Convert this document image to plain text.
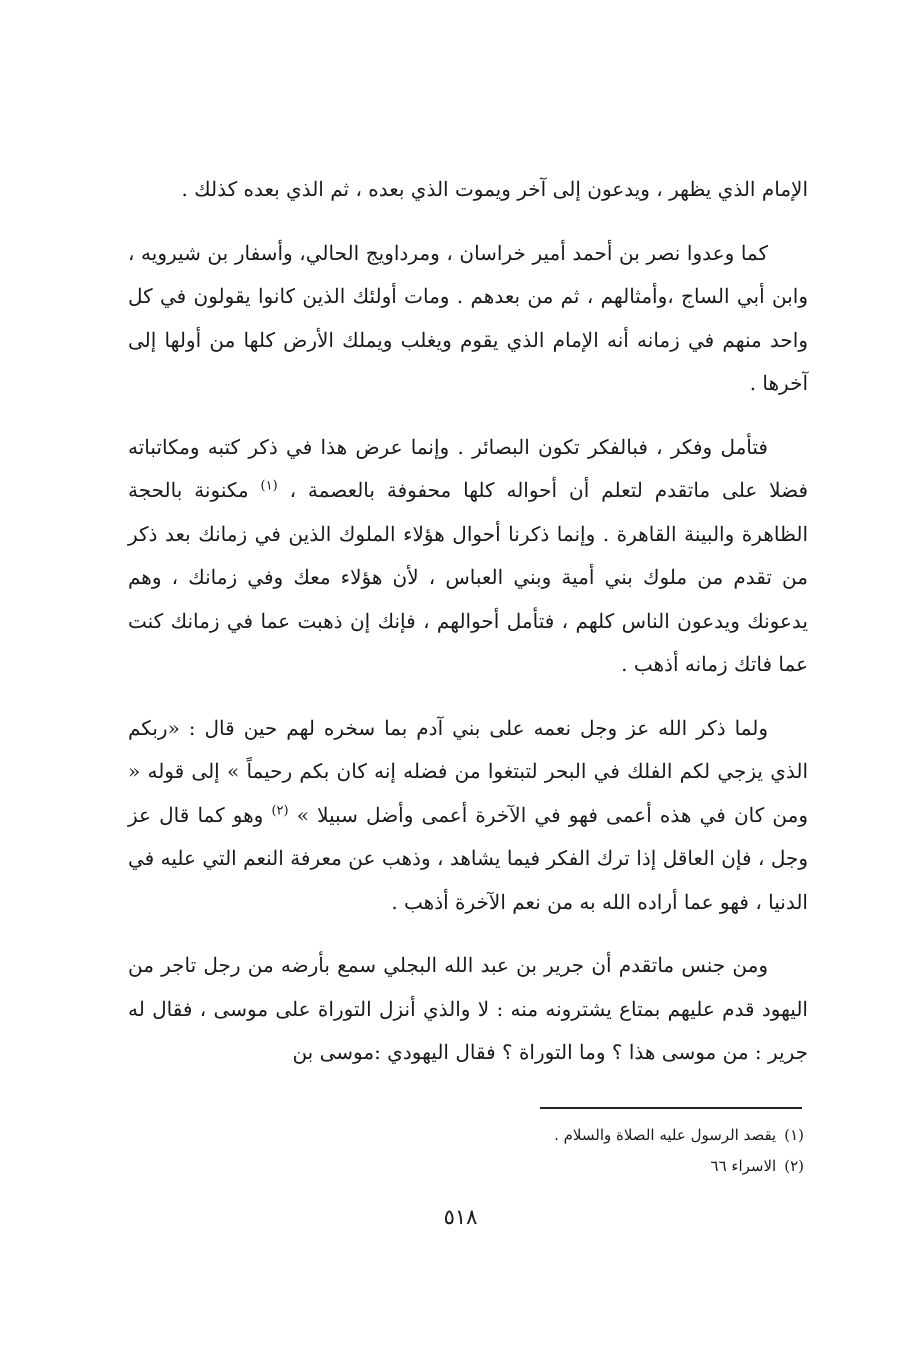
الإمام الذي يظهر ، ويدعون إلى آخر ويموت الذي بعده ، ثم الذي بعده كذلك .

كما وعدوا نصر بن أحمد أمير خراسان ، ومرداويج الحالي، وأسفار بن شيرويه ، وابن أبي الساج ،وأمثالهم ، ثم من بعدهم . ومات أولئك الذين كانوا يقولون في كل واحد منهم في زمانه أنه الإمام الذي يقوم ويغلب ويملك الأرض كلها من أولها إلى آخرها .

فتأمل وفكر ، فبالفكر تكون البصائر . وإنما عرض هذا في ذكر كتبه ومكاتباته فضلا على ماتقدم لتعلم أن أحواله كلها محفوفة بالعصمة ، $^{(١)}$ مكنونة بالحجة الظاهرة والبينة القاهرة . وإنما ذكرنا أحوال هؤلاء الملوك الذين في زمانك بعد ذكر من تقدم من ملوك بني أمية وبني العباس ، لأن هؤلاء معك وفي زمانك ، وهم يدعونك ويدعون الناس كلهم ، فتأمل أحوالهم ، فإنك إن ذهبت عما في زمانك كنت عما فاتك زمانه أذهب .

ولما ذكر الله عز وجل نعمه على بني آدم بما سخره لهم حين قال : «ربكم الذي يزجي لكم الفلك في البحر لتبتغوا من فضله إنه كان بكم رحيماً » إلى قوله « ومن كان في هذه أعمى فهو في الآخرة أعمى وأضل سبيلا » $^{(٢)}$ وهو كما قال عز وجل ، فإن العاقل إذا ترك الفكر فيما يشاهد ، وذهب عن معرفة النعم التي عليه في الدنيا ، فهو عما أراده الله به من نعم الآخرة أذهب .

ومن جنس ماتقدم أن جرير بن عبد الله البجلي سمع بأرضه من رجل تاجر من اليهود قدم عليهم بمتاع يشترونه منه : لا والذي أنزل التوراة على موسى ، فقال له جرير : من موسى هذا ؟ وما التوراة ؟ فقال اليهودي :موسى بن

(١)يقصد الرسول عليه الصلاة والسلام .

(٢)الاسراء ٦٦

٥١٨
